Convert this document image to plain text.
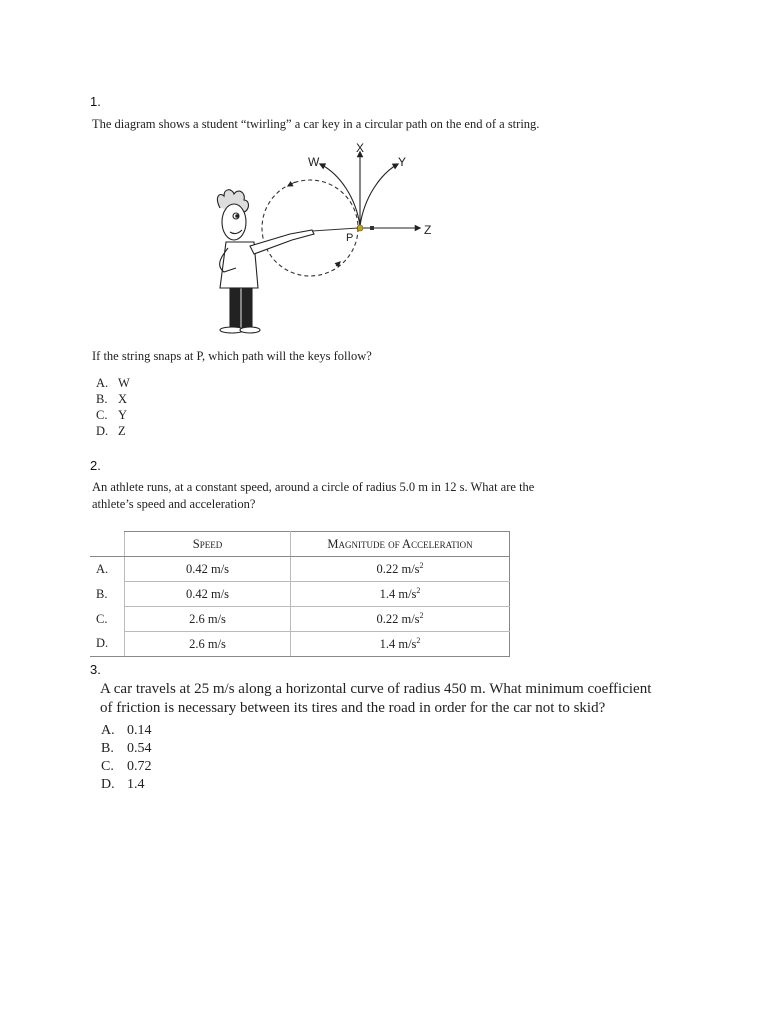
1.
The diagram shows a student “twirling” a car key in a circular path on the end of a string.
W
X
Y
Z
P
If the string snaps at P, which path will the keys follow?
A. W
B. X
C. Y
D. Z
2.
An athlete runs, at a constant speed, around a circle of radius 5.0 m in 12 s. What are the
athlete’s speed and acceleration?
	Speed	Magnitude of Acceleration
A.	0.42 m/s	0.22 $m/s^2$
B.	0.42 m/s	1.4 $m/s^2$
C.	2.6 m/s	0.22 $m/s^2$
D.	2.6 m/s	1.4 $m/s^2$
3.
A car travels at 25 m/s along a horizontal curve of radius 450 m. What minimum coefficient
of friction is necessary between its tires and the road in order for the car not to skid?
A. 0.14
B. 0.54
C. 0.72
D. 1.4
